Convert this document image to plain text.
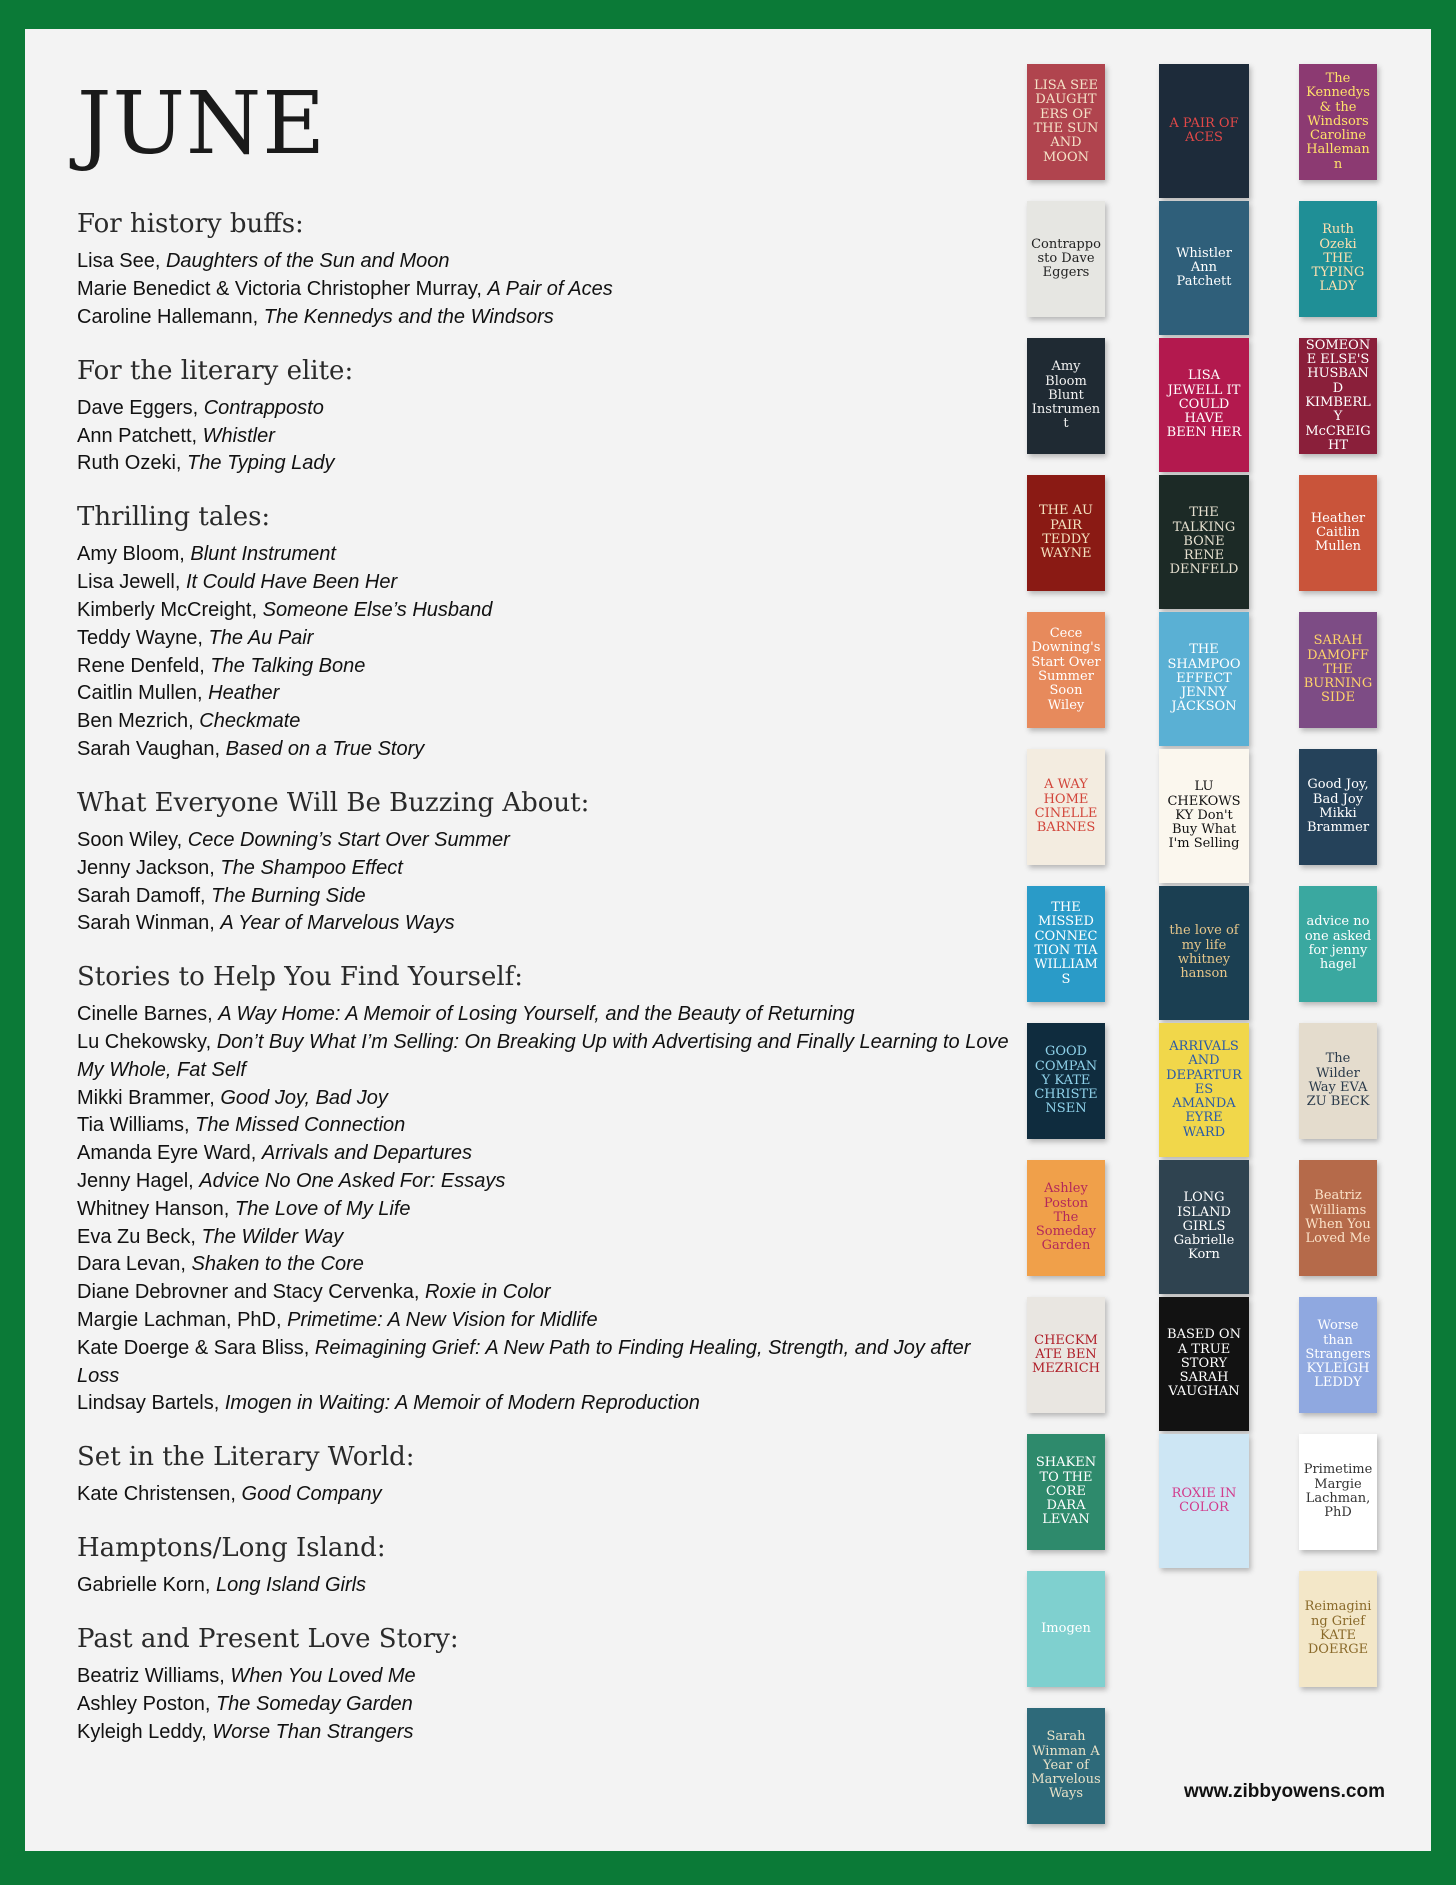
JUNE
For history buffs:
Lisa See, Daughters of the Sun and Moon
Marie Benedict & Victoria Christopher Murray, A Pair of Aces
Caroline Hallemann, The Kennedys and the Windsors
For the literary elite:
Dave Eggers, Contrapposto
Ann Patchett, Whistler
Ruth Ozeki, The Typing Lady
Thrilling tales:
Amy Bloom, Blunt Instrument
Lisa Jewell, It Could Have Been Her
Kimberly McCreight, Someone Else’s Husband
Teddy Wayne, The Au Pair
Rene Denfeld, The Talking Bone
Caitlin Mullen, Heather
Ben Mezrich, Checkmate
Sarah Vaughan, Based on a True Story
What Everyone Will Be Buzzing About:
Soon Wiley, Cece Downing’s Start Over Summer
Jenny Jackson, The Shampoo Effect
Sarah Damoff, The Burning Side
Sarah Winman, A Year of Marvelous Ways
Stories to Help You Find Yourself:
Cinelle Barnes, A Way Home: A Memoir of Losing Yourself, and the Beauty of Returning
Lu Chekowsky, Don’t Buy What I’m Selling: On Breaking Up with Advertising and Finally Learning to Love My Whole, Fat Self
Mikki Brammer, Good Joy, Bad Joy
Tia Williams, The Missed Connection
Amanda Eyre Ward, Arrivals and Departures
Jenny Hagel, Advice No One Asked For: Essays
Whitney Hanson, The Love of My Life
Eva Zu Beck, The Wilder Way
Dara Levan, Shaken to the Core
Diane Debrovner and Stacy Cervenka, Roxie in Color
Margie Lachman, PhD, Primetime: A New Vision for Midlife
Kate Doerge & Sara Bliss, Reimagining Grief: A New Path to Finding Healing, Strength, and Joy after Loss
Lindsay Bartels, Imogen in Waiting: A Memoir of Modern Reproduction
Set in the Literary World:
Kate Christensen, Good Company
Hamptons/Long Island:
Gabrielle Korn, Long Island Girls
Past and Present Love Story:
Beatriz Williams, When You Loved Me
Ashley Poston, The Someday Garden
Kyleigh Leddy, Worse Than Strangers
www.zibbyowens.com
LISA SEE DAUGHTERS OF THE SUN AND MOON
Contrapposto Dave Eggers
Amy Bloom Blunt Instrument
THE AU PAIR TEDDY WAYNE
Cece Downing's Start Over Summer Soon Wiley
A WAY HOME CINELLE BARNES
THE MISSED CONNECTION TIA WILLIAMS
GOOD COMPANY KATE CHRISTENSEN
Ashley Poston The Someday Garden
CHECKMATE BEN MEZRICH
SHAKEN TO THE CORE DARA LEVAN
Imogen
Sarah Winman A Year of Marvelous Ways
A PAIR OF ACES
Whistler Ann Patchett
LISA JEWELL IT COULD HAVE BEEN HER
THE TALKING BONE RENE DENFELD
THE SHAMPOO EFFECT JENNY JACKSON
LU CHEKOWSKY Don't Buy What I'm Selling
the love of my life whitney hanson
ARRIVALS AND DEPARTURES AMANDA EYRE WARD
LONG ISLAND GIRLS Gabrielle Korn
BASED ON A TRUE STORY SARAH VAUGHAN
ROXIE IN COLOR
The Kennedys & the Windsors Caroline Hallemann
Ruth Ozeki THE TYPING LADY
SOMEONE ELSE'S HUSBAND KIMBERLY McCREIGHT
Heather Caitlin Mullen
SARAH DAMOFF THE BURNING SIDE
Good Joy, Bad Joy Mikki Brammer
advice no one asked for jenny hagel
The Wilder Way EVA ZU BECK
Beatriz Williams When You Loved Me
Worse than Strangers KYLEIGH LEDDY
Primetime Margie Lachman, PhD
Reimagining Grief KATE DOERGE
